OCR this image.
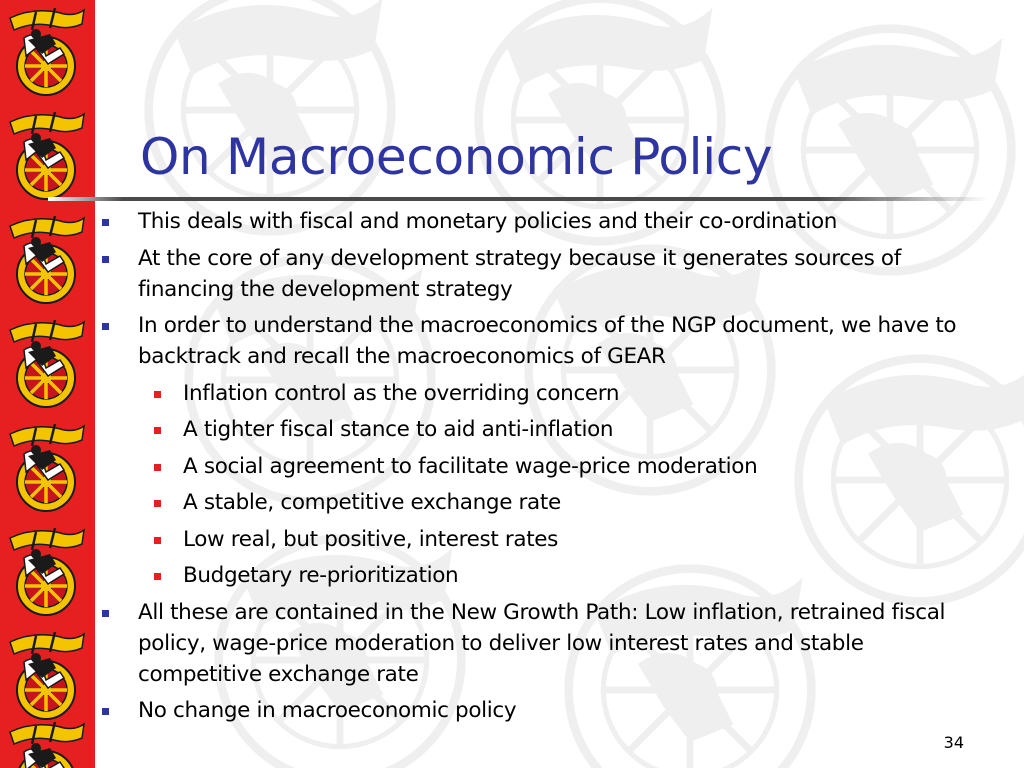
On Macroeconomic Policy
This deals with fiscal and monetary policies and their co-ordination
At the core of any development strategy because it generates sources of financing the development strategy
In order to understand the macroeconomics of the NGP document, we have to backtrack and recall the macroeconomics of GEAR
Inflation control as the overriding concern
A tighter fiscal stance to aid anti-inflation
A social agreement to facilitate wage-price moderation
A stable, competitive exchange rate
Low real, but positive, interest rates
Budgetary re-prioritization
All these are contained in the New Growth Path: Low inflation, retrained fiscal policy, wage-price moderation to deliver low interest rates and stable competitive exchange rate
No change in macroeconomic policy
34
